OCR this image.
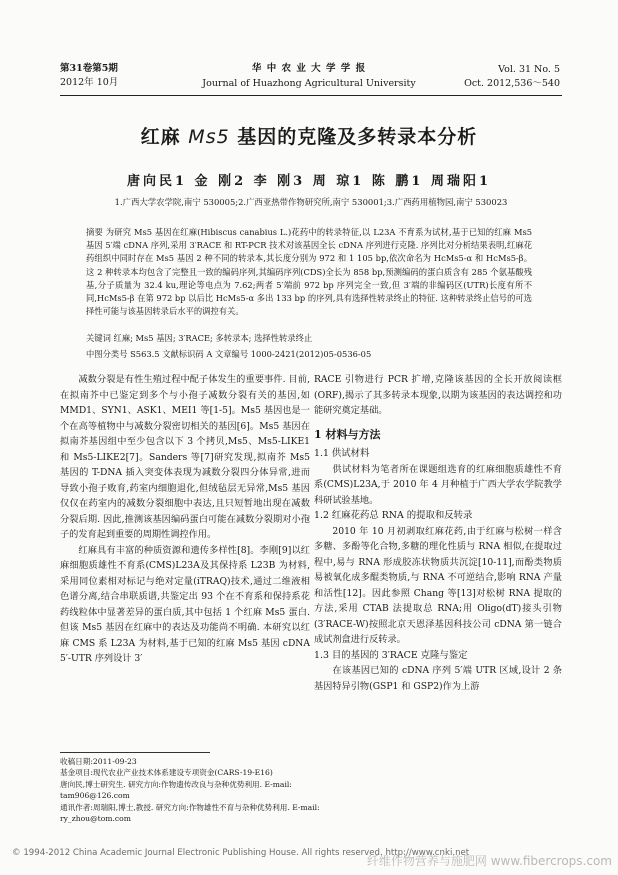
第31卷第5期
2012年 10月
华 中 农 业 大 学 学 报
Journal of Huazhong Agricultural University
Vol. 31 No. 5
Oct. 2012,536～540
红麻 Ms5 基因的克隆及多转录本分析
唐向民1 金 刚2 李 刚3 周 琼1 陈 鹏1 周瑞阳1
1.广西大学农学院,南宁 530005;2.广西亚热带作物研究所,南宁 530001;3.广西药用植物园,南宁 530023
摘要 为研究 Ms5 基因在红麻(Hibiscus canabius L.)花药中的转录特征,以 L23A 不育系为试材,基于已知的红麻 Ms5 基因 5′端 cDNA 序列,采用 3′RACE 和 RT-PCR 技术对该基因全长 cDNA 序列进行克隆. 序列比对分析结果表明,红麻花药组织中同时存在 Ms5 基因 2 种不同的转录本,其长度分别为 972 和 1 105 bp,依次命名为 HcMs5-α 和 HcMs5-β。这 2 种转录本均包含了完整且一致的编码序列,其编码序列(CDS)全长为 858 bp,预测编码的蛋白质含有 285 个氨基酸残基,分子质量为 32.4 ku,理论等电点为 7.62;两者 5′端前 972 bp 序列完全一致,但 3′端的非编码区(UTR)长度有所不同,HcMs5-β 在第 972 bp 以后比 HcMs5-α 多出 133 bp 的序列,具有选择性转录终止的特征. 这种转录终止信号的可选择性可能与该基因转录后水平的调控有关。
关键词 红麻; Ms5 基因; 3′RACE; 多转录本; 选择性转录终止
中图分类号 S563.5 文献标识码 A 文章编号 1000-2421(2012)05-0536-05

减数分裂是有性生殖过程中配子体发生的重要事件. 目前,在拟南芥中已鉴定到多个与小孢子减数分裂有关的基因,如 MMD1、SYN1、ASK1、MEI1 等[1-5]。Ms5 基因也是一个在高等植物中与减数分裂密切相关的基因[6]。Ms5 基因在拟南芥基因组中至少包含以下 3 个拷贝,Ms5、Ms5-LIKE1 和 Ms5-LIKE2[7]。Sanders 等[7]研究发现,拟南芥 Ms5 基因的 T-DNA 插入突变体表现为减数分裂四分体异常,进而导致小孢子败育,药室内细胞退化,但绒毡层无异常,Ms5 基因仅仅在药室内的减数分裂细胞中表达,且只短暂地出现在减数分裂后期. 因此,推测该基因编码蛋白可能在减数分裂期对小孢子的发育起到重要的周期性调控作用。

红麻具有丰富的种质资源和遗传多样性[8]。李刚[9]以红麻细胞质雄性不育系(CMS)L23A及其保持系 L23B 为材料,采用同位素相对标记与绝对定量(iTRAQ)技术,通过二维液相色谱分离,结合串联质谱,共鉴定出 93 个在不育系和保持系花药线粒体中显著差异的蛋白质,其中包括 1 个红麻 Ms5 蛋白. 但该 Ms5 基因在红麻中的表达及功能尚不明确. 本研究以红麻 CMS 系 L23A 为材料,基于已知的红麻 Ms5 基因 cDNA 5′-UTR 序列设计 3′

RACE 引物进行 PCR 扩增,克隆该基因的全长开放阅读框(ORF),揭示了其多转录本现象,以期为该基因的表达调控和功能研究奠定基础。

1 材料与方法
1.1 供试材料

供试材料为笔者所在课题组选育的红麻细胞质雄性不育系(CMS)L23A,于 2010 年 4 月种植于广西大学农学院教学科研试验基地。

1.2 红麻花药总 RNA 的提取和反转录

2010 年 10 月初剥取红麻花药,由于红麻与松树一样含多糖、多酚等化合物,多糖的理化性质与 RNA 相似,在提取过程中,易与 RNA 形成胶冻状物质共沉淀[10-11],而酚类物质易被氧化成多醌类物质,与 RNA 不可逆结合,影响 RNA 产量和活性[12]。因此参照 Chang 等[13]对松树 RNA 提取的方法,采用 CTAB 法提取总 RNA;用 Oligo(dT)接头引物(3′RACE-W)按照北京天恩泽基因科技公司 cDNA 第一链合成试剂盒进行反转录。

1.3 目的基因的 3′RACE 克隆与鉴定

在该基因已知的 cDNA 序列 5′端 UTR 区域,设计 2 条基因特异引物(GSP1 和 GSP2)作为上游

收稿日期:2011-09-23
基金项目:现代农业产业技术体系建设专项资金(CARS-19-E16)
唐向民,博士研究生. 研究方向:作物遗传改良与杂种优势利用. E-mail: tam906@126.com
通讯作者:周瑞阳,博士,教授. 研究方向:作物雄性不育与杂种优势利用. E-mail: ry_zhou@tom.com
© 1994-2012 China Academic Journal Electronic Publishing House. All rights reserved. http://www.cnki.net
纤维作物营养与施肥网 www.fibercrops.com
